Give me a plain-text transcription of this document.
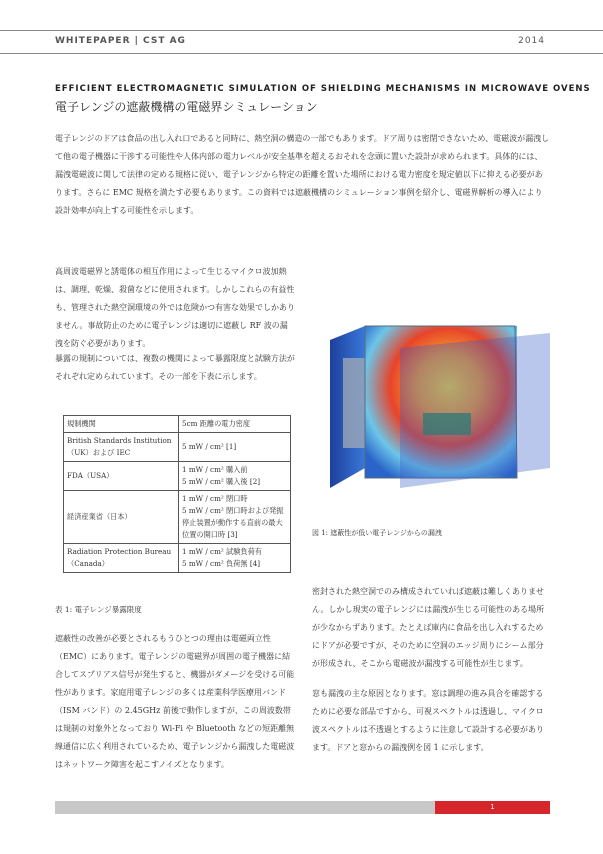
WHITEPAPER | CST AG	2014
EFFICIENT ELECTROMAGNETIC SIMULATION OF SHIELDING MECHANISMS IN MICROWAVE OVENS
電子レンジの遮蔽機構の電磁界シミュレーション
電子レンジのドアは食品の出し入れ口であると同時に、熱空洞の構造の一部でもあります。ドア周りは密閉できないため、電磁波が漏洩して他の電子機器に干渉する可能性や人体内部の電力レベルが安全基準を超えるおそれを念頭に置いた設計が求められます。具体的には、漏洩電磁波に関して法律の定める規格に従い、電子レンジから特定の距離を置いた場所における電力密度を規定値以下に抑える必要があります。さらに EMC 規格を満たす必要もあります。この資料では遮蔽機構のシミュレーション事例を紹介し、電磁界解析の導入により設計効率が向上する可能性を示します。
高周波電磁界と誘電体の相互作用によって生じるマイクロ波加熱は、調理、乾燥、殺菌などに使用されます。しかしこれらの有益性も、管理された熱空洞環境の外では危険かつ有害な効果でしかありません。事故防止のために電子レンジは適切に遮蔽し RF 波の漏洩を防ぐ必要があります。
暴露の規制については、複数の機関によって暴露限度と試験方法がそれぞれ定められています。その一部を下表に示します。
規制機関	5cm 距離の電力密度
British Standards Institution（UK）および IEC	5 mW / cm² [1]
FDA（USA）	1 mW / cm² 購入前
5 mW / cm² 購入後 [2]
経済産業省（日本）	1 mW / cm² 閉口時
5 mW / cm² 閉口時および発振停止装置が動作する直前の最大位置の開口時 [3]
Radiation Protection Bureau（Canada）	1 mW / cm² 試験負荷有
5 mW / cm² 負荷無 [4]
表 1: 電子レンジ暴露限度
遮蔽性の改善が必要とされるもうひとつの理由は電磁両立性（EMC）にあります。電子レンジの電磁界が周囲の電子機器に結合してスプリアス信号が発生すると、機器がダメージを受ける可能性があります。家庭用電子レンジの多くは産業科学医療用バンド（ISM バンド）の 2.45GHz 前後で動作しますが、この周波数帯は規制の対象外となっており Wi-Fi や Bluetooth などの短距離無線通信に広く利用されているため、電子レンジから漏洩した電磁波はネットワーク障害を起こすノイズとなります。
図 1: 遮蔽性が低い電子レンジからの漏洩
密封された熱空洞でのみ構成されていれば遮蔽は難しくありません。しかし現実の電子レンジには漏洩が生じる可能性のある場所が少なからずあります。たとえば庫内に食品を出し入れするためにドアが必要ですが、そのために空洞のエッジ周りにシーム部分が形成され、そこから電磁波が漏洩する可能性が生じます。
窓も漏洩の主な原因となります。窓は調理の進み具合を確認するために必要な部品ですから、可視スペクトルは透過し、マイクロ波スペクトルは不透過とするように注意して設計する必要があります。ドアと窓からの漏洩例を図 1 に示します。
1
